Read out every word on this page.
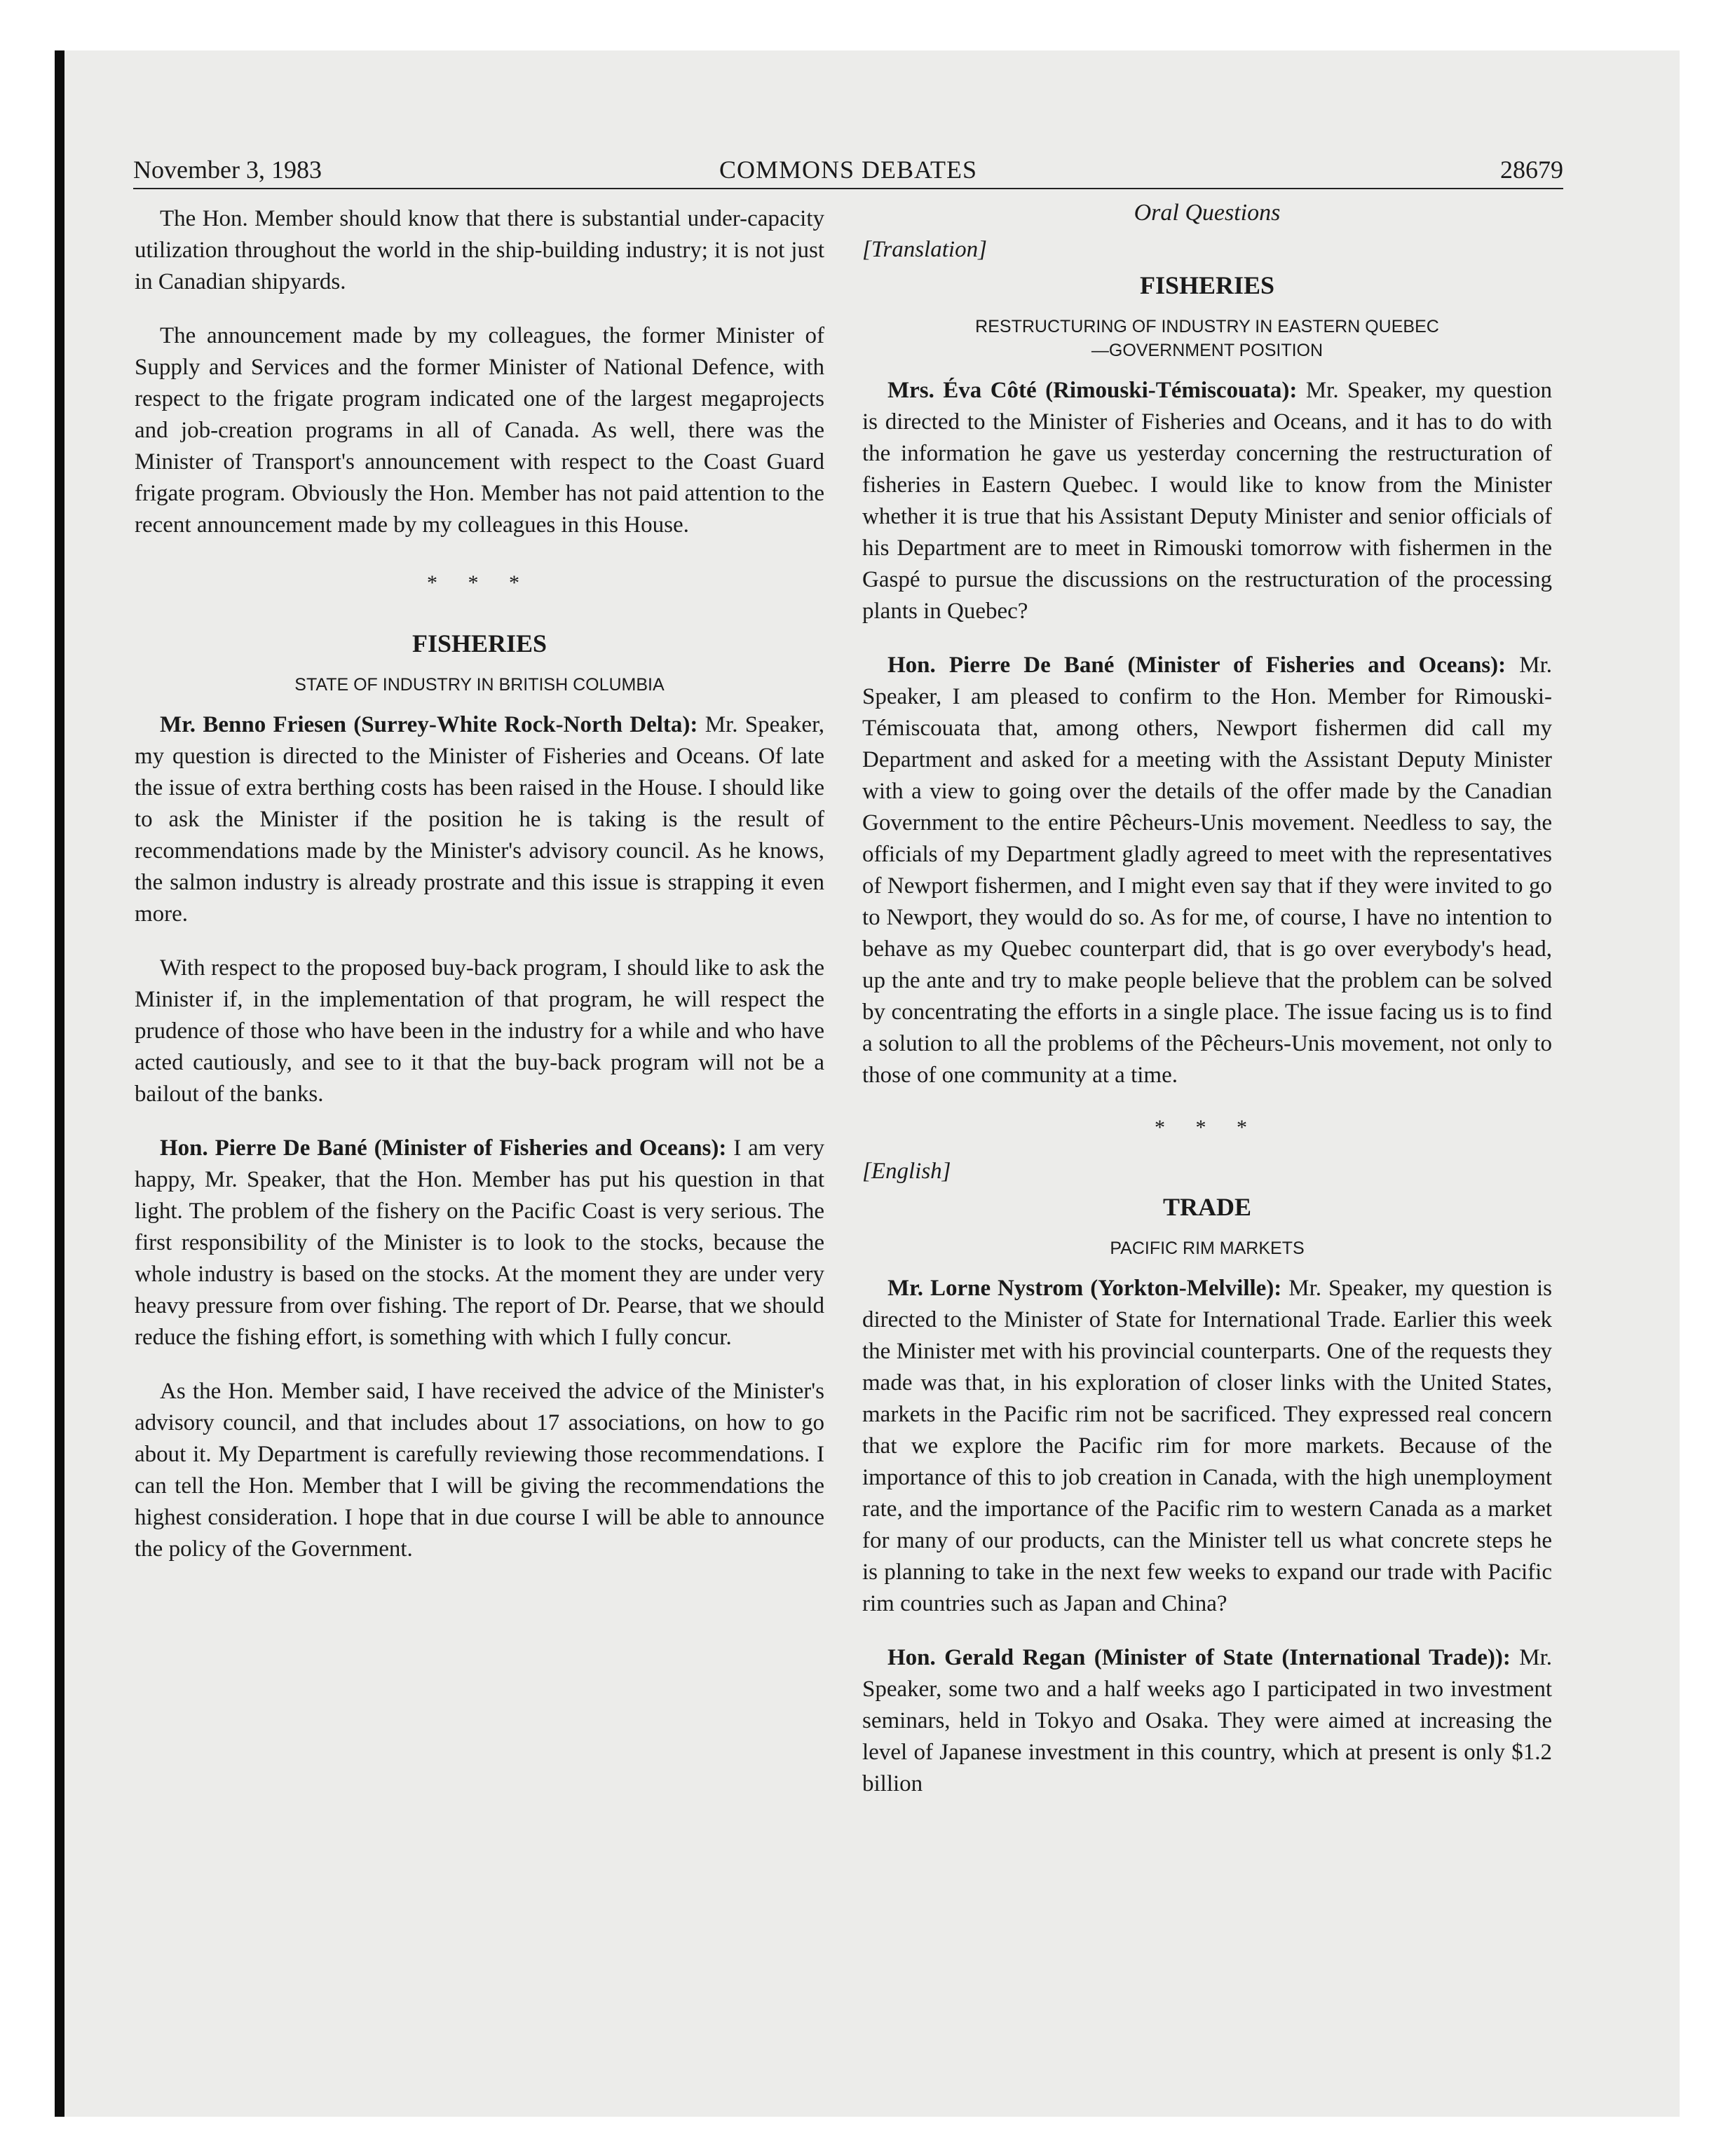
November 3, 1983	COMMONS DEBATES	28679

The Hon. Member should know that there is substantial under-capacity utilization throughout the world in the ship-building industry; it is not just in Canadian shipyards.

The announcement made by my colleagues, the former Minister of Supply and Services and the former Minister of National Defence, with respect to the frigate program indicated one of the largest megaprojects and job-creation programs in all of Canada. As well, there was the Minister of Transport's announcement with respect to the Coast Guard frigate program. Obviously the Hon. Member has not paid attention to the recent announcement made by my colleagues in this House.

* * *
FISHERIES
STATE OF INDUSTRY IN BRITISH COLUMBIA

Mr. Benno Friesen (Surrey-White Rock-North Delta): Mr. Speaker, my question is directed to the Minister of Fisheries and Oceans. Of late the issue of extra berthing costs has been raised in the House. I should like to ask the Minister if the position he is taking is the result of recommendations made by the Minister's advisory council. As he knows, the salmon industry is already prostrate and this issue is strapping it even more.

With respect to the proposed buy-back program, I should like to ask the Minister if, in the implementation of that program, he will respect the prudence of those who have been in the industry for a while and who have acted cautiously, and see to it that the buy-back program will not be a bailout of the banks.

Hon. Pierre De Bané (Minister of Fisheries and Oceans): I am very happy, Mr. Speaker, that the Hon. Member has put his question in that light. The problem of the fishery on the Pacific Coast is very serious. The first responsibility of the Minister is to look to the stocks, because the whole industry is based on the stocks. At the moment they are under very heavy pressure from over fishing. The report of Dr. Pearse, that we should reduce the fishing effort, is something with which I fully concur.

As the Hon. Member said, I have received the advice of the Minister's advisory council, and that includes about 17 associations, on how to go about it. My Department is carefully reviewing those recommendations. I can tell the Hon. Member that I will be giving the recommendations the highest consideration. I hope that in due course I will be able to announce the policy of the Government.

Oral Questions
[Translation]
FISHERIES
RESTRUCTURING OF INDUSTRY IN EASTERN QUEBEC—GOVERNMENT POSITION

Mrs. Éva Côté (Rimouski-Témiscouata): Mr. Speaker, my question is directed to the Minister of Fisheries and Oceans, and it has to do with the information he gave us yesterday concerning the restructuration of fisheries in Eastern Quebec. I would like to know from the Minister whether it is true that his Assistant Deputy Minister and senior officials of his Department are to meet in Rimouski tomorrow with fishermen in the Gaspé to pursue the discussions on the restructuration of the processing plants in Quebec?

Hon. Pierre De Bané (Minister of Fisheries and Oceans): Mr. Speaker, I am pleased to confirm to the Hon. Member for Rimouski-Témiscouata that, among others, Newport fishermen did call my Department and asked for a meeting with the Assistant Deputy Minister with a view to going over the details of the offer made by the Canadian Government to the entire Pêcheurs-Unis movement. Needless to say, the officials of my Department gladly agreed to meet with the representatives of Newport fishermen, and I might even say that if they were invited to go to Newport, they would do so. As for me, of course, I have no intention to behave as my Quebec counterpart did, that is go over everybody's head, up the ante and try to make people believe that the problem can be solved by concentrating the efforts in a single place. The issue facing us is to find a solution to all the problems of the Pêcheurs-Unis movement, not only to those of one community at a time.

* * *
[English]
TRADE
PACIFIC RIM MARKETS

Mr. Lorne Nystrom (Yorkton-Melville): Mr. Speaker, my question is directed to the Minister of State for International Trade. Earlier this week the Minister met with his provincial counterparts. One of the requests they made was that, in his exploration of closer links with the United States, markets in the Pacific rim not be sacrificed. They expressed real concern that we explore the Pacific rim for more markets. Because of the importance of this to job creation in Canada, with the high unemployment rate, and the importance of the Pacific rim to western Canada as a market for many of our products, can the Minister tell us what concrete steps he is planning to take in the next few weeks to expand our trade with Pacific rim countries such as Japan and China?

Hon. Gerald Regan (Minister of State (International Trade)): Mr. Speaker, some two and a half weeks ago I participated in two investment seminars, held in Tokyo and Osaka. They were aimed at increasing the level of Japanese investment in this country, which at present is only $1.2 billion
